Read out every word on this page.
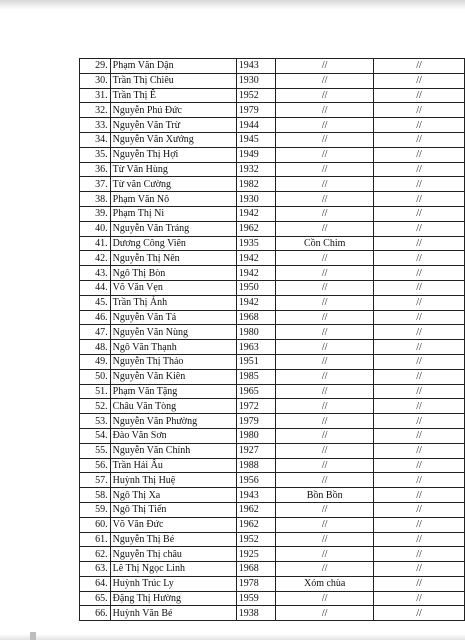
29.	Phạm Văn Dận	1943	//	//
30.	Trần Thị Chiêu	1930	//	//
31.	Trần Thị Ê	1952	//	//
32.	Nguyễn Phú Đức	1979	//	//
33.	Nguyễn Văn Trừ	1944	//	//
34.	Nguyễn Văn Xướng	1945	//	//
35.	Nguyễn Thị Hợi	1949	//	//
36.	Từ Văn Hùng	1932	//	//
37.	Từ văn Cường	1982	//	//
38.	Phạm Văn Nô	1930	//	//
39.	Phạm Thị Ni	1942	//	//
40.	Nguyễn Văn Tráng	1962	//	//
41.	Dương Công Viên	1935	Cồn Chim	//
42.	Nguyễn Thị Nên	1942	//	//
43.	Ngô Thị Bòn	1942	//	//
44.	Võ Văn Vẹn	1950	//	//
45.	Trần Thị Ảnh	1942	//	//
46.	Nguyễn Văn Tá	1968	//	//
47.	Nguyễn Văn Nùng	1980	//	//
48.	Ngô Văn Thạnh	1963	//	//
49.	Nguyễn Thị Thảo	1951	//	//
50.	Nguyễn Văn Kiên	1985	//	//
51.	Phạm Văn Tặng	1965	//	//
52.	Châu Văn Tòng	1972	//	//
53.	Nguyễn Văn Phường	1979	//	//
54.	Đào Văn Sơn	1980	//	//
55.	Nguyễn Văn Chính	1927	//	//
56.	Trần Hải Âu	1988	//	//
57.	Huỳnh Thị Huệ	1956	//	//
58.	Ngô Thị Xa	1943	Bồn Bồn	//
59.	Ngô Thị Tiến	1962	//	//
60.	Võ Văn Đức	1962	//	//
61.	Nguyễn Thị Bé	1952	//	//
62.	Nguyễn Thị châu	1925	//	//
63.	Lê Thị Ngọc Linh	1968	//	//
64.	Huỳnh Trúc Ly	1978	Xóm chùa	//
65.	Đặng Thị Hường	1959	//	//
66.	Huỳnh Văn Bé	1938	//	//
